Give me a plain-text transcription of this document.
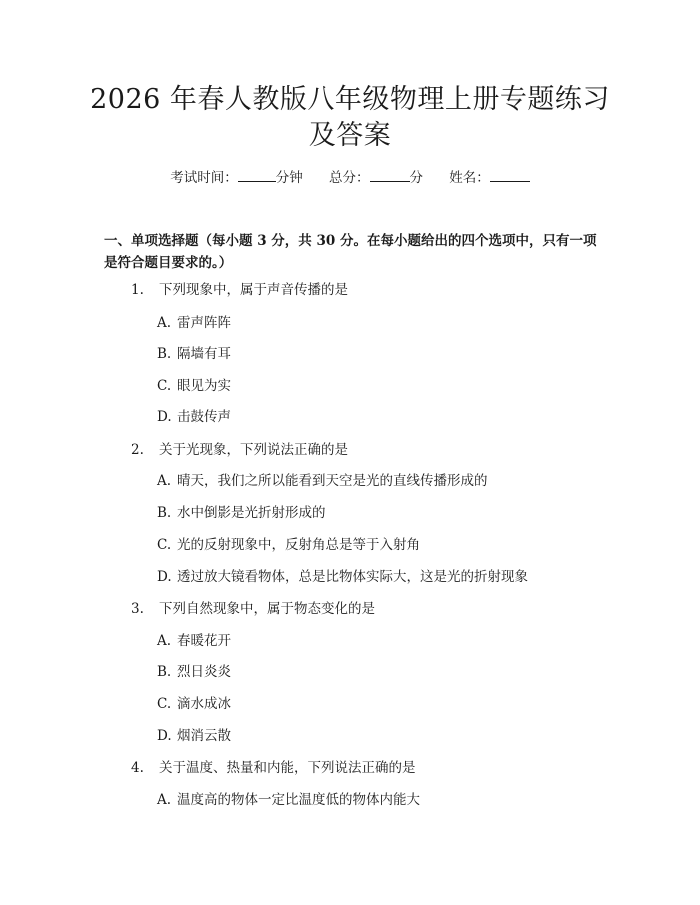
2026 年春人教版八年级物理上册专题练习及答案
考试时间：	分钟 总分：	分 姓名：
一、单项选择题（每小题 3 分，共 30 分。在每小题给出的四个选项中，只有一项是符合题目要求的。）
1. 下列现象中，属于声音传播的是
A. 雷声阵阵
B. 隔墙有耳
C. 眼见为实
D. 击鼓传声
2. 关于光现象，下列说法正确的是
A. 晴天，我们之所以能看到天空是光的直线传播形成的
B. 水中倒影是光折射形成的
C. 光的反射现象中，反射角总是等于入射角
D. 透过放大镜看物体，总是比物体实际大，这是光的折射现象
3. 下列自然现象中，属于物态变化的是
A. 春暖花开
B. 烈日炎炎
C. 滴水成冰
D. 烟消云散
4. 关于温度、热量和内能，下列说法正确的是
A. 温度高的物体一定比温度低的物体内能大
